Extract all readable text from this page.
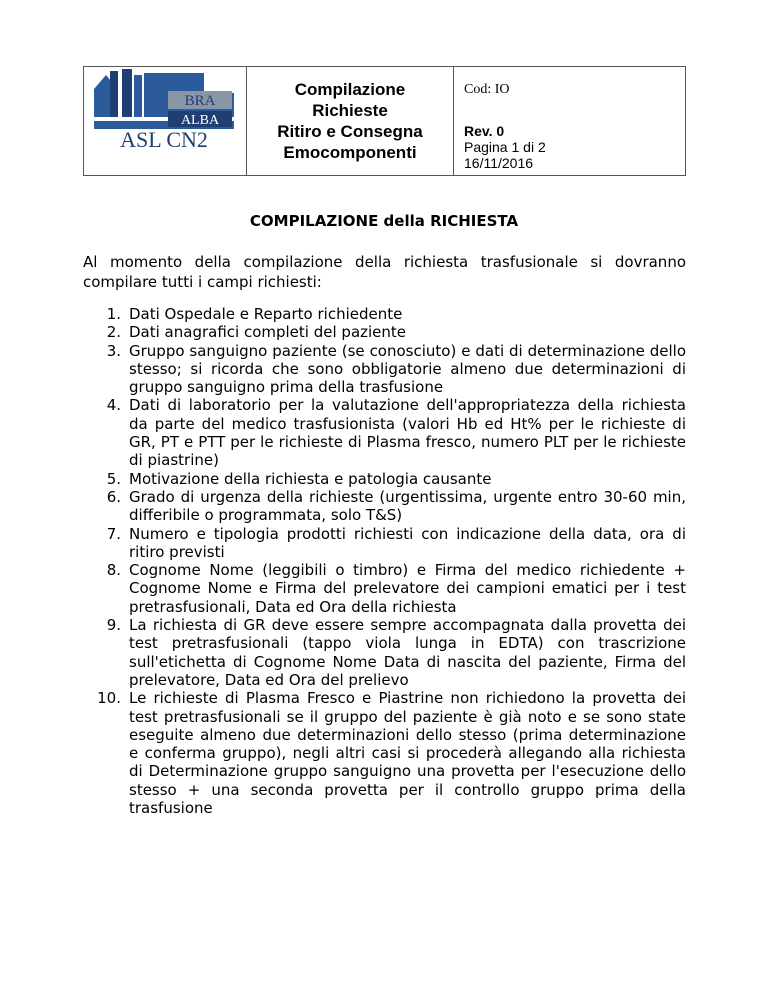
BRA
ALBA
ASL CN2
Compilazione
Richieste
Ritiro e Consegna
Emocomponenti
Cod: IO
Rev. 0
Pagina 1 di 2
16/11/2016
COMPILAZIONE della RICHIESTA
Al momento della compilazione della richiesta trasfusionale si dovranno compilare tutti i campi richiesti:
1. Dati Ospedale e Reparto richiedente
2. Dati anagrafici completi del paziente
3. Gruppo sanguigno paziente (se conosciuto) e dati di determinazione dello stesso; si ricorda che sono obbligatorie almeno due determinazioni di gruppo sanguigno prima della trasfusione
4. Dati di laboratorio per la valutazione dell'appropriatezza della richiesta da parte del medico trasfusionista (valori Hb ed Ht% per le richieste di GR, PT e PTT per le richieste di Plasma fresco, numero PLT per le richieste di piastrine)
5. Motivazione della richiesta e patologia causante
6. Grado di urgenza della richieste (urgentissima, urgente entro 30-60 min, differibile o programmata, solo T&S)
7. Numero e tipologia prodotti richiesti con indicazione della data, ora di ritiro previsti
8. Cognome Nome (leggibili o timbro) e Firma del medico richiedente + Cognome Nome e Firma del prelevatore dei campioni ematici per i test pretrasfusionali, Data ed Ora della richiesta
9. La richiesta di GR deve essere sempre accompagnata dalla provetta dei test pretrasfusionali (tappo viola lunga in EDTA) con trascrizione sull'etichetta di Cognome Nome Data di nascita del paziente, Firma del prelevatore, Data ed Ora del prelievo
10. Le richieste di Plasma Fresco e Piastrine non richiedono la provetta dei test pretrasfusionali se il gruppo del paziente è già noto e se sono state eseguite almeno due determinazioni dello stesso (prima determinazione e conferma gruppo), negli altri casi si procederà allegando alla richiesta di Determinazione gruppo sanguigno una provetta per l'esecuzione dello stesso + una seconda provetta per il controllo gruppo prima della trasfusione
